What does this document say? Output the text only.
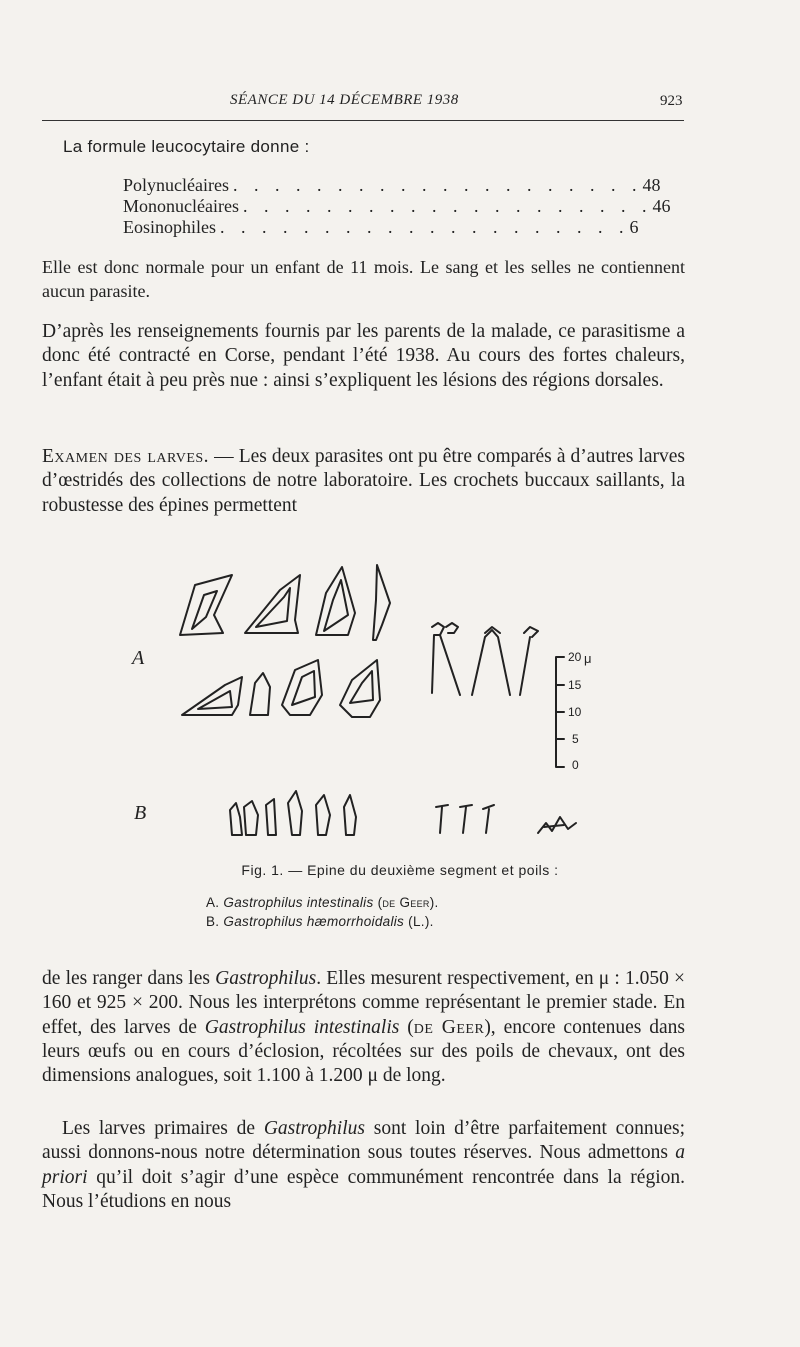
SÉANCE DU 14 DÉCEMBRE 1938	923
La formule leucocytaire donne :
Polynucléaires . . . . . . . . . . . . . . . . . . . . 48
Mononucléaires . . . . . . . . . . . . . . . . . . . . 46
Eosinophiles . . . . . . . . . . . . . . . . . . . . 6
Elle est donc normale pour un enfant de 11 mois. Le sang et les selles ne contiennent aucun parasite.
D’après les renseignements fournis par les parents de la malade, ce parasitisme a donc été contracté en Corse, pendant l’été 1938. Au cours des fortes chaleurs, l’enfant était à peu près nue : ainsi s’expliquent les lésions des régions dorsales.
Examen des larves. — Les deux parasites ont pu être comparés à d’autres larves d’œstridés des collections de notre laboratoire. Les crochets buccaux saillants, la robustesse des épines permettent
A
B
20 μ
15
10
5
0
Fig. 1. — Epine du deuxième segment et poils :
A. Gastrophilus intestinalis (de Geer).
B. Gastrophilus hæmorrhoidalis (L.).
de les ranger dans les Gastrophilus. Elles mesurent respectivement, en μ : 1.050 × 160 et 925 × 200. Nous les interprétons comme représentant le premier stade. En effet, des larves de Gastrophilus intestinalis (de Geer), encore contenues dans leurs œufs ou en cours d’éclosion, récoltées sur des poils de chevaux, ont des dimensions analogues, soit 1.100 à 1.200 μ de long.
Les larves primaires de Gastrophilus sont loin d’être parfaitement connues; aussi donnons-nous notre détermination sous toutes réserves. Nous admettons a priori qu’il doit s’agir d’une espèce communément rencontrée dans la région. Nous l’étudions en nous
